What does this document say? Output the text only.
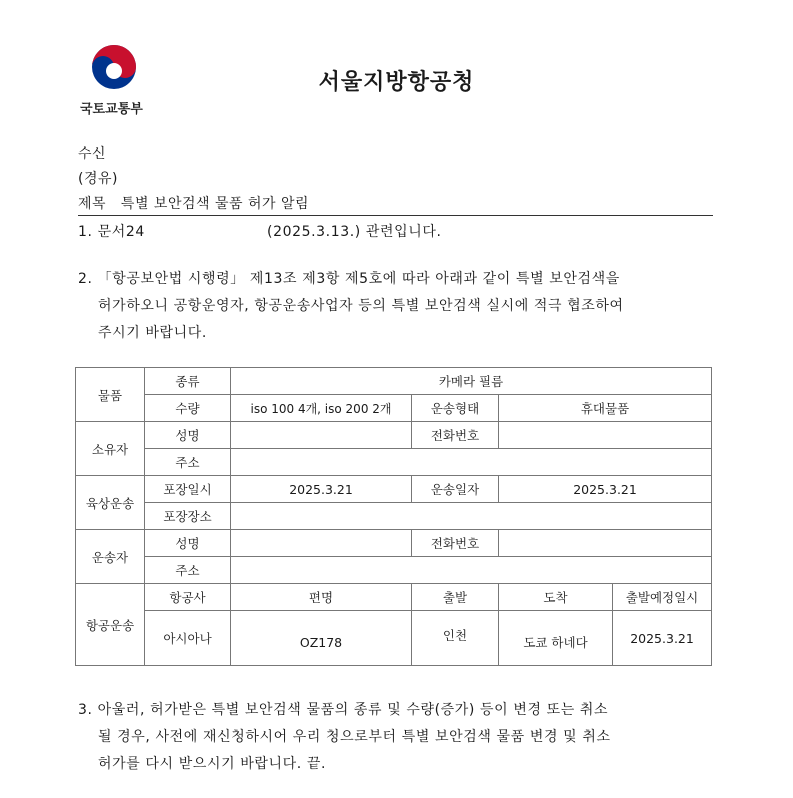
국토교통부
서울지방항공청
수신
(경유)
제목 특별 보안검색 물품 허가 알림
1. 문서24	(2025.3.13.) 관련입니다.
2. 「항공보안법 시행령」 제13조 제3항 제5호에 따라 아래과 같이 특별 보안검색을
허가하오니 공항운영자, 항공운송사업자 등의 특별 보안검색 실시에 적극 협조하여
주시기 바랍니다.
물품	종류	카메라 필름			
	수량	iso 100 4개, iso 200 2개	운송형태	휴대물품	
소유자	성명		전화번호		
	주소				
육상운송	포장일시	2025.3.21	운송일자	2025.3.21	
	포장장소				
운송자	성명		전화번호		
	주소				
항공운송	항공사	편명	출발	도착	출발예정일시
	아시아나	OZ178	인천	도쿄 하네다	2025.3.21
3. 아울러, 허가받은 특별 보안검색 물품의 종류 및 수량(증가) 등이 변경 또는 취소
될 경우, 사전에 재신청하시어 우리 청으로부터 특별 보안검색 물품 변경 및 취소
허가를 다시 받으시기 바랍니다. 끝.
